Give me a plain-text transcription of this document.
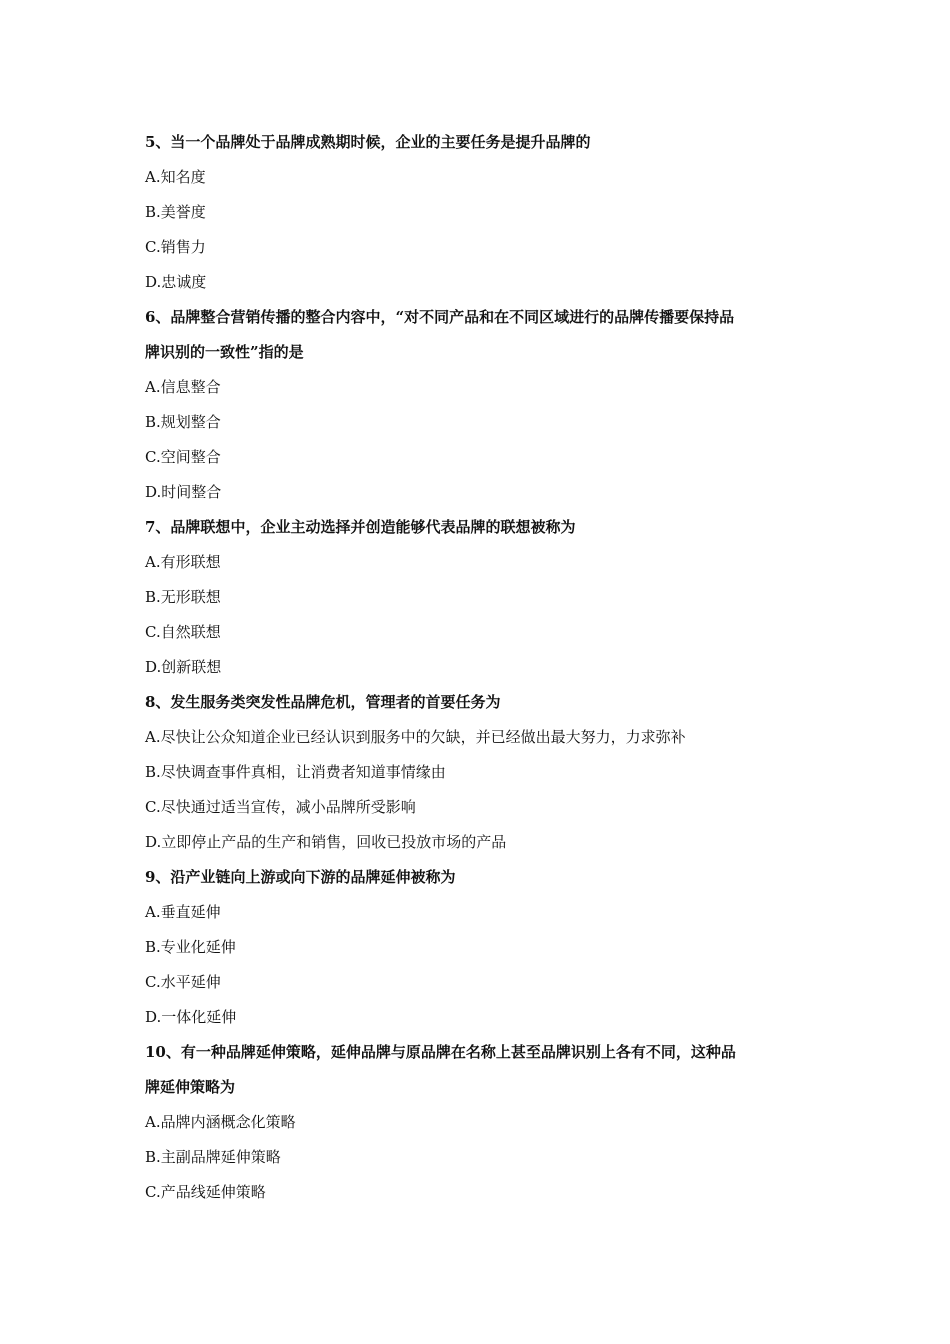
5、当一个品牌处于品牌成熟期时候，企业的主要任务是提升品牌的

A.知名度

B.美誉度

C.销售力

D.忠诚度

6、品牌整合营销传播的整合内容中，“对不同产品和在不同区域进行的品牌传播要保持品

牌识别的一致性”指的是

A.信息整合

B.规划整合

C.空间整合

D.时间整合

7、品牌联想中，企业主动选择并创造能够代表品牌的联想被称为

A.有形联想

B.无形联想

C.自然联想

D.创新联想

8、发生服务类突发性品牌危机，管理者的首要任务为

A.尽快让公众知道企业已经认识到服务中的欠缺，并已经做出最大努力，力求弥补

B.尽快调查事件真相，让消费者知道事情缘由

C.尽快通过适当宣传，减小品牌所受影响

D.立即停止产品的生产和销售，回收已投放市场的产品

9、沿产业链向上游或向下游的品牌延伸被称为

A.垂直延伸

B.专业化延伸

C.水平延伸

D.一体化延伸

10、有一种品牌延伸策略，延伸品牌与原品牌在名称上甚至品牌识别上各有不同，这种品

牌延伸策略为

A.品牌内涵概念化策略

B.主副品牌延伸策略

C.产品线延伸策略
